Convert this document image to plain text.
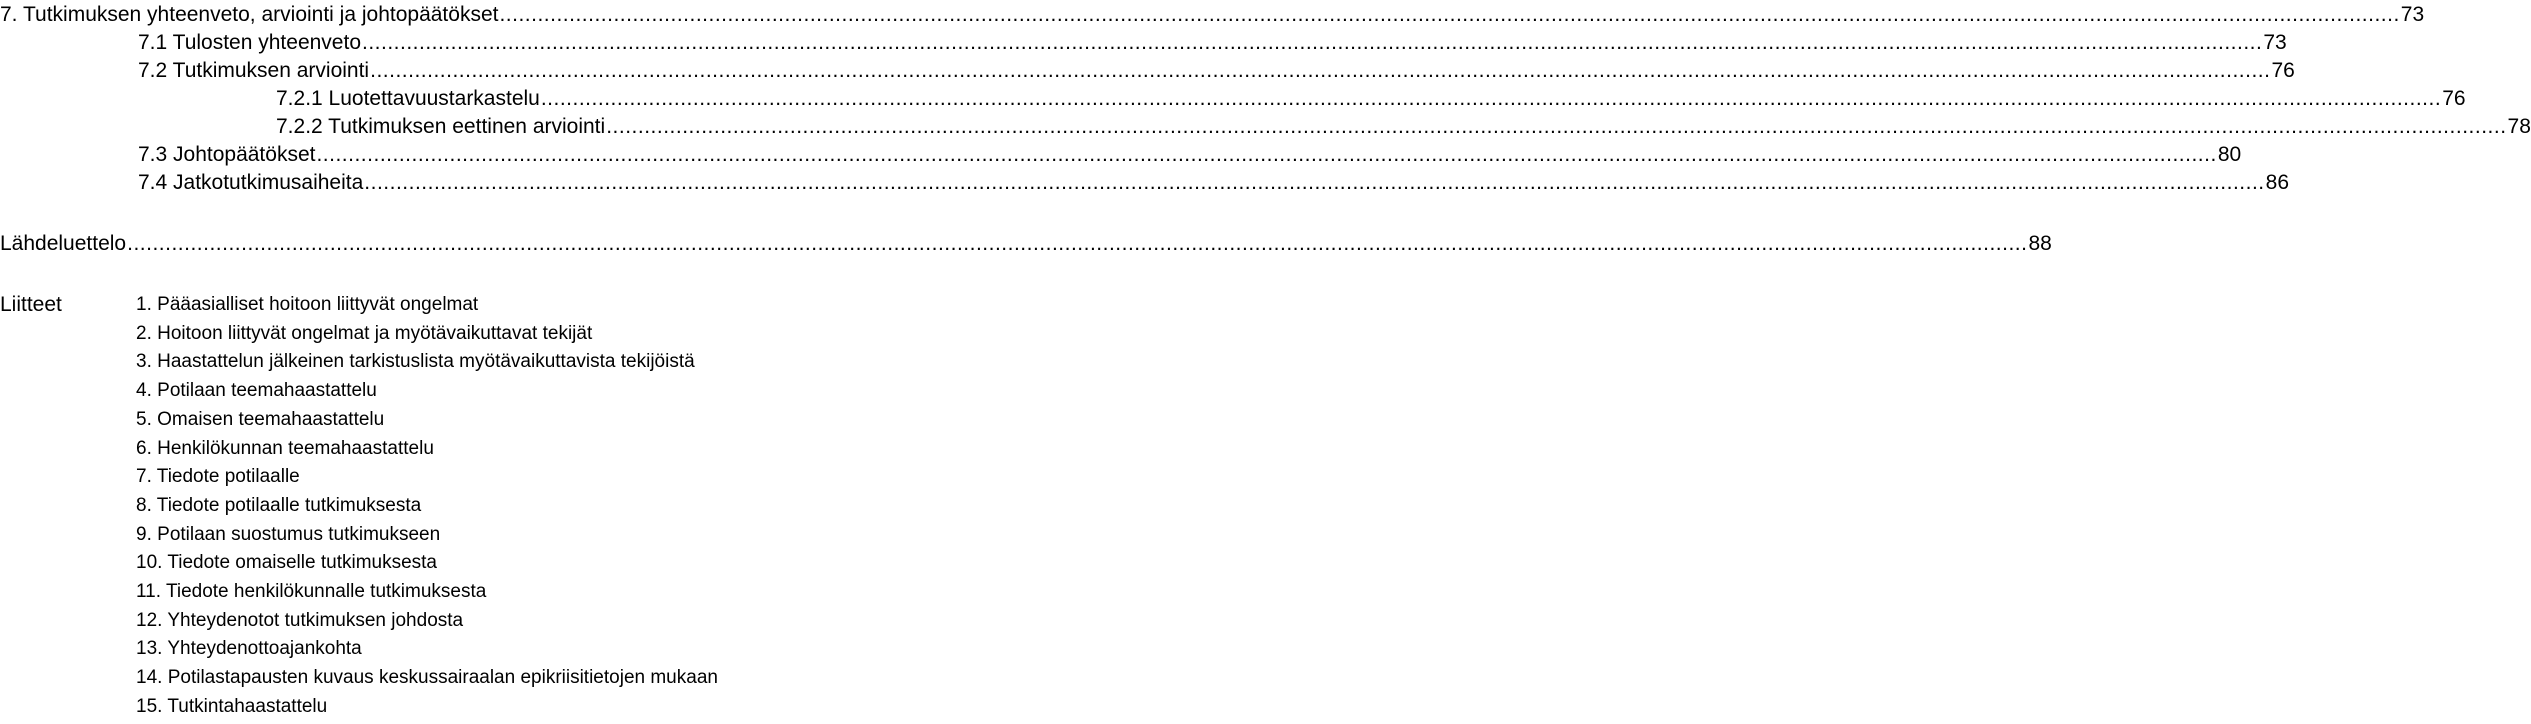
7. Tutkimuksen yhteenveto, arviointi ja johtopäätökset ............................................................................................................................................................................................................................................................................................................ 73
7.1 Tulosten yhteenveto ............................................................................................................................................................................................................................................................................................................ 73
7.2 Tutkimuksen arviointi ............................................................................................................................................................................................................................................................................................................ 76
7.2.1 Luotettavuustarkastelu ............................................................................................................................................................................................................................................................................................................ 76
7.2.2 Tutkimuksen eettinen arviointi ............................................................................................................................................................................................................................................................................................................ 78
7.3 Johtopäätökset ............................................................................................................................................................................................................................................................................................................ 80
7.4 Jatkotutkimusaiheita ............................................................................................................................................................................................................................................................................................................ 86
Lähdeluettelo ............................................................................................................................................................................................................................................................................................................ 88
Liitteet	1. Pääasialliset hoitoon liittyvät ongelmat
2. Hoitoon liittyvät ongelmat ja myötävaikuttavat tekijät
3. Haastattelun jälkeinen tarkistuslista myötävaikuttavista tekijöistä
4. Potilaan teemahaastattelu
5. Omaisen teemahaastattelu
6. Henkilökunnan teemahaastattelu
7. Tiedote potilaalle
8. Tiedote potilaalle tutkimuksesta
9. Potilaan suostumus tutkimukseen
10. Tiedote omaiselle tutkimuksesta
11. Tiedote henkilökunnalle tutkimuksesta
12. Yhteydenotot tutkimuksen johdosta
13. Yhteydenottoajankohta
14. Potilastapausten kuvaus keskussairaalan epikriisitietojen mukaan
15. Tutkintahaastattelu
